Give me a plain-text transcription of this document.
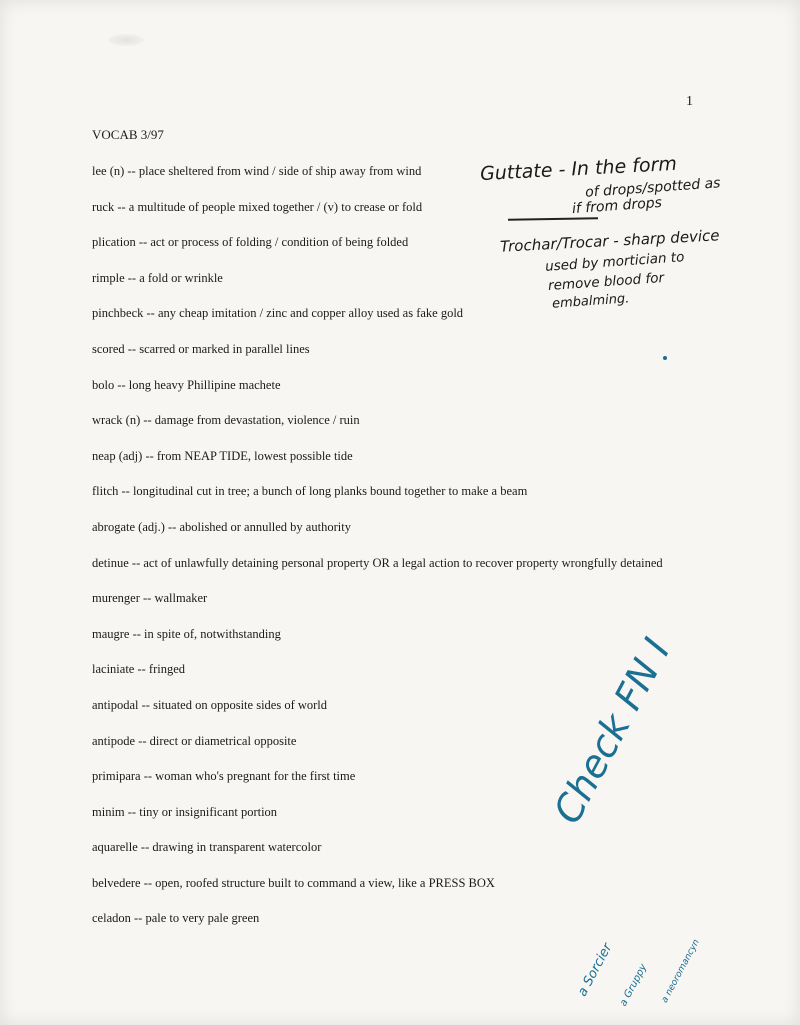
1
VOCAB 3/97
lee (n) -- place sheltered from wind / side of ship away from wind
ruck -- a multitude of people mixed together / (v) to crease or fold
plication -- act or process of folding / condition of being folded
rimple -- a fold or wrinkle
pinchbeck -- any cheap imitation / zinc and copper alloy used as fake gold
scored -- scarred or marked in parallel lines
bolo -- long heavy Phillipine machete
wrack (n) -- damage from devastation, violence / ruin
neap (adj) -- from NEAP TIDE, lowest possible tide
flitch -- longitudinal cut in tree; a bunch of long planks bound together to make a beam
abrogate (adj.) -- abolished or annulled by authority
detinue -- act of unlawfully detaining personal property OR a legal action to recover property wrongfully detained
murenger -- wallmaker
maugre -- in spite of, notwithstanding
laciniate -- fringed
antipodal -- situated on opposite sides of world
antipode -- direct or diametrical opposite
primipara -- woman who's pregnant for the first time
minim -- tiny or insignificant portion
aquarelle -- drawing in transparent watercolor
belvedere -- open, roofed structure built to command a view, like a PRESS BOX
celadon -- pale to very pale green
Guttate - In the form
of drops/spotted as
if from drops
Trochar/Trocar - sharp device
used by mortician to
remove blood for
embalming.
Check FN I
a Sorcier a Gruppy a neoromancyn
